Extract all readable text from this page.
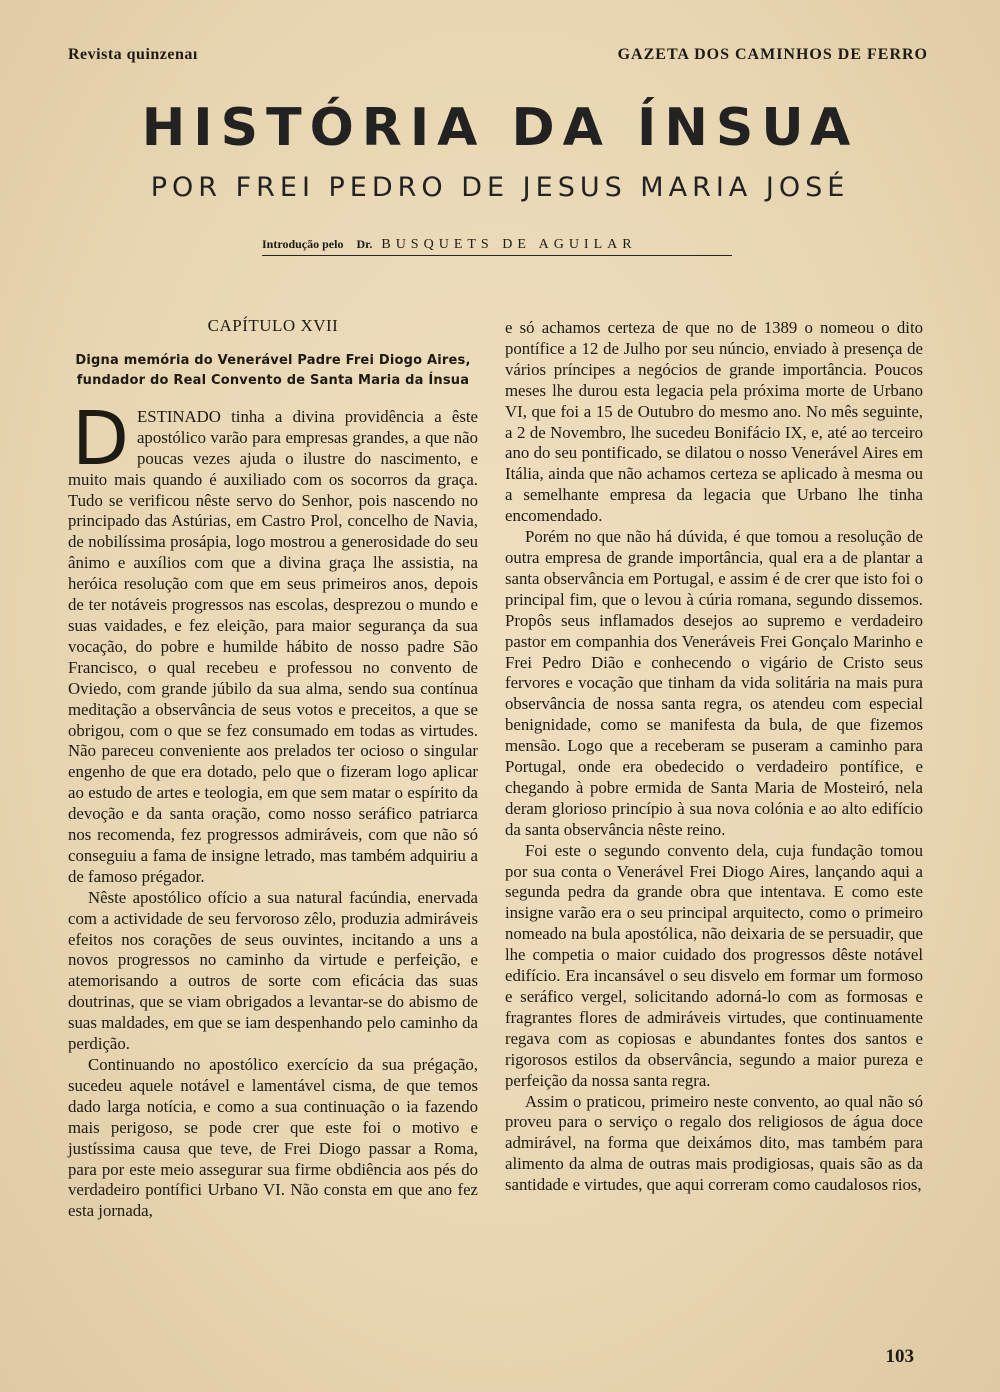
Revista quinzenaı	GAZETA DOS CAMINHOS DE FERRO
HISTÓRIA DA ÍNSUA
POR FREI PEDRO DE JESUS MARIA JOSÉ
Introdução pelo Dr. BUSQUETS DE AGUILAR
CAPÍTULO XVII
Digna memória do Venerável Padre Frei Diogo Aires, fundador do Real Convento de Santa Maria da Ínsua

DESTINADO tinha a divina providência a êste apostólico varão para empresas grandes, a que não poucas vezes ajuda o ilustre do nascimento, e muito mais quando é auxiliado com os socorros da graça. Tudo se verificou nêste servo do Senhor, pois nascendo no principado das Astúrias, em Castro Prol, concelho de Navia, de nobilíssima prosápia, logo mostrou a generosidade do seu ânimo e auxílios com que a divina graça lhe assistia, na heróica resolução com que em seus primeiros anos, depois de ter notáveis progressos nas escolas, desprezou o mundo e suas vaidades, e fez eleição, para maior segurança da sua vocação, do pobre e humilde hábito de nosso padre São Francisco, o qual recebeu e professou no convento de Oviedo, com grande júbilo da sua alma, sendo sua contínua meditação a observância de seus votos e preceitos, a que se obrigou, com o que se fez consumado em todas as virtudes. Não pareceu conveniente aos prelados ter ocioso o singular engenho de que era dotado, pelo que o fizeram logo aplicar ao estudo de artes e teologia, em que sem matar o espírito da devoção e da santa oração, como nosso seráfico patriarca nos recomenda, fez progressos admiráveis, com que não só conseguiu a fama de insigne letrado, mas também adquiriu a de famoso prégador.

Nêste apostólico ofício a sua natural facúndia, enervada com a actividade de seu fervoroso zêlo, produzia admiráveis efeitos nos corações de seus ouvintes, incitando a uns a novos progressos no caminho da virtude e perfeição, e atemorisando a outros de sorte com eficácia das suas doutrinas, que se viam obrigados a levantar-se do abismo de suas maldades, em que se iam despenhando pelo caminho da perdição.

Continuando no apostólico exercício da sua prégação, sucedeu aquele notável e lamentável cisma, de que temos dado larga notícia, e como a sua continuação o ia fazendo mais perigoso, se pode crer que este foi o motivo e justíssima causa que teve, de Frei Diogo passar a Roma, para por este meio assegurar sua firme obdiência aos pés do verdadeiro pontífici Urbano VI. Não consta em que ano fez esta jornada,

e só achamos certeza de que no de 1389 o nomeou o dito pontífice a 12 de Julho por seu núncio, enviado à presença de vários príncipes a negócios de grande importância. Poucos meses lhe durou esta legacia pela próxima morte de Urbano VI, que foi a 15 de Outubro do mesmo ano. No mês seguinte, a 2 de Novembro, lhe sucedeu Bonifácio IX, e, até ao terceiro ano do seu pontificado, se dilatou o nosso Venerável Aires em Itália, ainda que não achamos certeza se aplicado à mesma ou a semelhante empresa da legacia que Urbano lhe tinha encomendado.

Porém no que não há dúvida, é que tomou a resolução de outra empresa de grande importância, qual era a de plantar a santa observância em Portugal, e assim é de crer que isto foi o principal fim, que o levou à cúria romana, segundo dissemos. Propôs seus inflamados desejos ao supremo e verdadeiro pastor em companhia dos Veneráveis Frei Gonçalo Marinho e Frei Pedro Dião e conhecendo o vigário de Cristo seus fervores e vocação que tinham da vida solitária na mais pura observância de nossa santa regra, os atendeu com especial benignidade, como se manifesta da bula, de que fizemos mensão. Logo que a receberam se puseram a caminho para Portugal, onde era obedecido o verdadeiro pontífice, e chegando à pobre ermida de Santa Maria de Mosteiró, nela deram glorioso princípio à sua nova colónia e ao alto edifício da santa observância nêste reino.

Foi este o segundo convento dela, cuja fundação tomou por sua conta o Venerável Frei Diogo Aires, lançando aqui a segunda pedra da grande obra que intentava. E como este insigne varão era o seu principal arquitecto, como o primeiro nomeado na bula apostólica, não deixaria de se persuadir, que lhe competia o maior cuidado dos progressos dêste notável edifício. Era incansável o seu disvelo em formar um formoso e seráfico vergel, solicitando adorná-lo com as formosas e fragrantes flores de admiráveis virtudes, que continuamente regava com as copiosas e abundantes fontes dos santos e rigorosos estilos da observância, segundo a maior pureza e perfeição da nossa santa regra.

Assim o praticou, primeiro neste convento, ao qual não só proveu para o serviço o regalo dos religiosos de água doce admirável, na forma que deixámos dito, mas também para alimento da alma de outras mais prodigiosas, quais são as da santidade e virtudes, que aqui correram como caudalosos rios,

103
